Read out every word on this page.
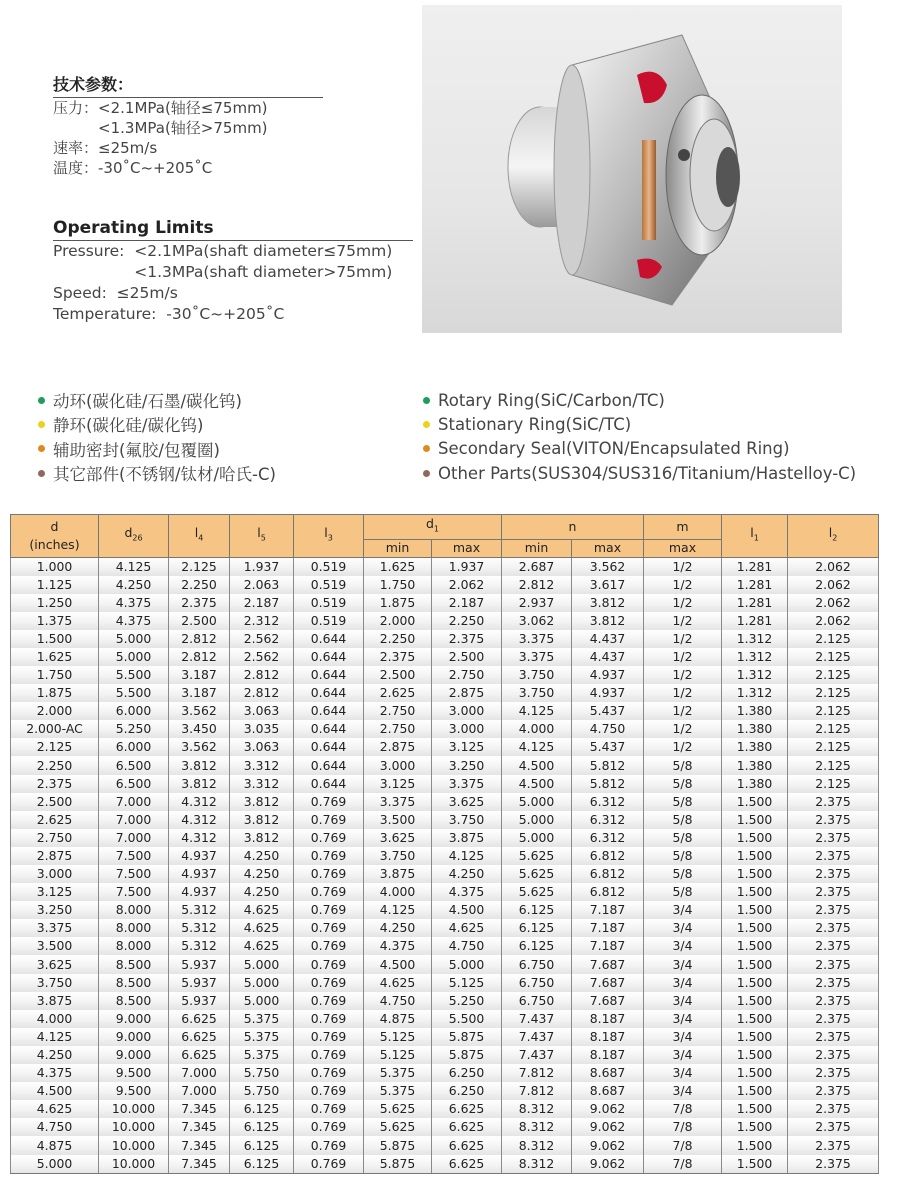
技术参数：
压力： <2.1MPa(轴径≤75mm)
<1.3MPa(轴径>75mm)
速率： ≤25m/s
温度： -30˚C~+205˚C
Operating Limits
Pressure: <2.1MPa(shaft diameter≤75mm)
<1.3MPa(shaft diameter>75mm)
Speed: ≤25m/s
Temperature: -30˚C~+205˚C
动环(碳化硅/石墨/碳化钨)
静环(碳化硅/碳化钨)
辅助密封(氟胶/包覆圈)
其它部件(不锈钢/钛材/哈氏-C)
Rotary Ring(SiC/Carbon/TC)
Stationary Ring(SiC/TC)
Secondary Seal(VITON/Encapsulated Ring)
Other Parts(SUS304/SUS316/Titanium/Hastelloy-C)
d
(inches)	$d_{26}$	$l_4$	$l_5$	$l_3$	$d_1$		n		m	$l_1$	$l_2$
					min	max	min	max	max		
1.000	4.125	2.125	1.937	0.519	1.625	1.937	2.687	3.562	1/2	1.281	2.062
1.125	4.250	2.250	2.063	0.519	1.750	2.062	2.812	3.617	1/2	1.281	2.062
1.250	4.375	2.375	2.187	0.519	1.875	2.187	2.937	3.812	1/2	1.281	2.062
1.375	4.375	2.500	2.312	0.519	2.000	2.250	3.062	3.812	1/2	1.281	2.062
1.500	5.000	2.812	2.562	0.644	2.250	2.375	3.375	4.437	1/2	1.312	2.125
1.625	5.000	2.812	2.562	0.644	2.375	2.500	3.375	4.437	1/2	1.312	2.125
1.750	5.500	3.187	2.812	0.644	2.500	2.750	3.750	4.937	1/2	1.312	2.125
1.875	5.500	3.187	2.812	0.644	2.625	2.875	3.750	4.937	1/2	1.312	2.125
2.000	6.000	3.562	3.063	0.644	2.750	3.000	4.125	5.437	1/2	1.380	2.125
2.000-AC	5.250	3.450	3.035	0.644	2.750	3.000	4.000	4.750	1/2	1.380	2.125
2.125	6.000	3.562	3.063	0.644	2.875	3.125	4.125	5.437	1/2	1.380	2.125
2.250	6.500	3.812	3.312	0.644	3.000	3.250	4.500	5.812	5/8	1.380	2.125
2.375	6.500	3.812	3.312	0.644	3.125	3.375	4.500	5.812	5/8	1.380	2.125
2.500	7.000	4.312	3.812	0.769	3.375	3.625	5.000	6.312	5/8	1.500	2.375
2.625	7.000	4.312	3.812	0.769	3.500	3.750	5.000	6.312	5/8	1.500	2.375
2.750	7.000	4.312	3.812	0.769	3.625	3.875	5.000	6.312	5/8	1.500	2.375
2.875	7.500	4.937	4.250	0.769	3.750	4.125	5.625	6.812	5/8	1.500	2.375
3.000	7.500	4.937	4.250	0.769	3.875	4.250	5.625	6.812	5/8	1.500	2.375
3.125	7.500	4.937	4.250	0.769	4.000	4.375	5.625	6.812	5/8	1.500	2.375
3.250	8.000	5.312	4.625	0.769	4.125	4.500	6.125	7.187	3/4	1.500	2.375
3.375	8.000	5.312	4.625	0.769	4.250	4.625	6.125	7.187	3/4	1.500	2.375
3.500	8.000	5.312	4.625	0.769	4.375	4.750	6.125	7.187	3/4	1.500	2.375
3.625	8.500	5.937	5.000	0.769	4.500	5.000	6.750	7.687	3/4	1.500	2.375
3.750	8.500	5.937	5.000	0.769	4.625	5.125	6.750	7.687	3/4	1.500	2.375
3.875	8.500	5.937	5.000	0.769	4.750	5.250	6.750	7.687	3/4	1.500	2.375
4.000	9.000	6.625	5.375	0.769	4.875	5.500	7.437	8.187	3/4	1.500	2.375
4.125	9.000	6.625	5.375	0.769	5.125	5.875	7.437	8.187	3/4	1.500	2.375
4.250	9.000	6.625	5.375	0.769	5.125	5.875	7.437	8.187	3/4	1.500	2.375
4.375	9.500	7.000	5.750	0.769	5.375	6.250	7.812	8.687	3/4	1.500	2.375
4.500	9.500	7.000	5.750	0.769	5.375	6.250	7.812	8.687	3/4	1.500	2.375
4.625	10.000	7.345	6.125	0.769	5.625	6.625	8.312	9.062	7/8	1.500	2.375
4.750	10.000	7.345	6.125	0.769	5.625	6.625	8.312	9.062	7/8	1.500	2.375
4.875	10.000	7.345	6.125	0.769	5.875	6.625	8.312	9.062	7/8	1.500	2.375
5.000	10.000	7.345	6.125	0.769	5.875	6.625	8.312	9.062	7/8	1.500	2.375
